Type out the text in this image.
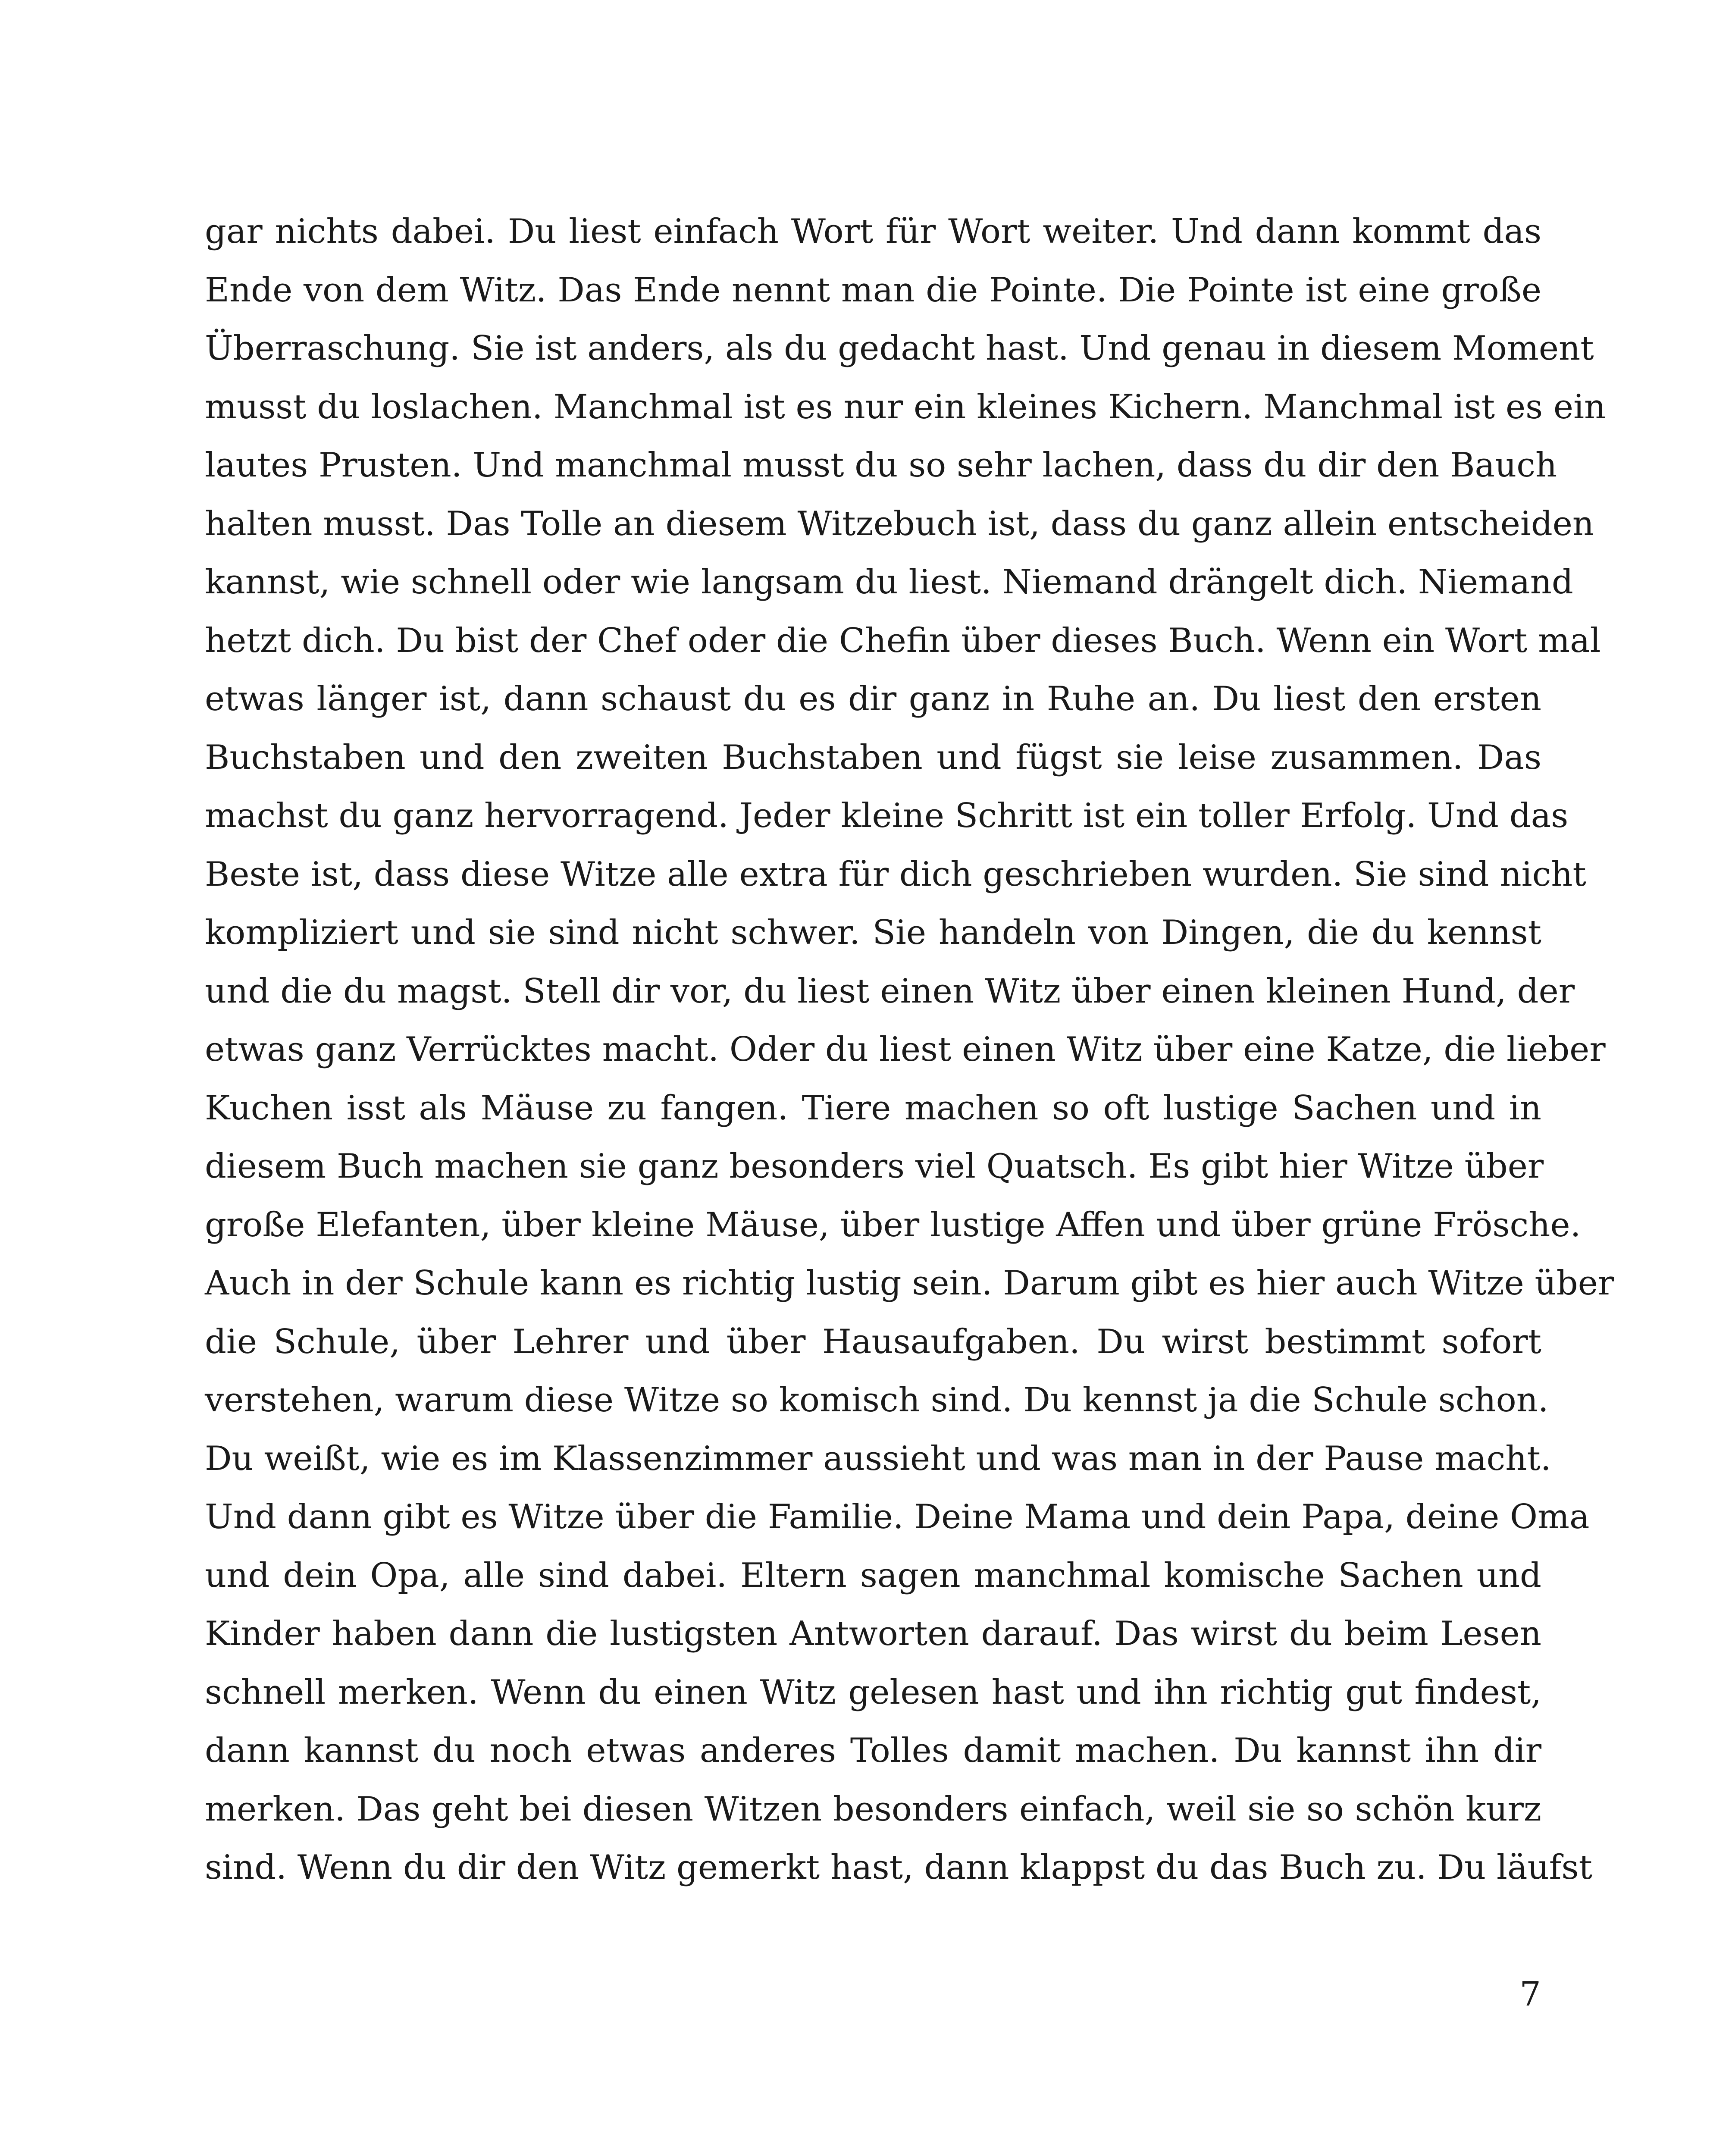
gar nichts dabei. Du liest einfach Wort für Wort weiter. Und dann kommt das
Ende von dem Witz. Das Ende nennt man die Pointe. Die Pointe ist eine große
Überraschung. Sie ist anders, als du gedacht hast. Und genau in diesem Moment
musst du loslachen. Manchmal ist es nur ein kleines Kichern. Manchmal ist es ein
lautes Prusten. Und manchmal musst du so sehr lachen, dass du dir den Bauch
halten musst. Das Tolle an diesem Witzebuch ist, dass du ganz allein entscheiden
kannst, wie schnell oder wie langsam du liest. Niemand drängelt dich. Niemand
hetzt dich. Du bist der Chef oder die Chefin über dieses Buch. Wenn ein Wort mal
etwas länger ist, dann schaust du es dir ganz in Ruhe an. Du liest den ersten
Buchstaben und den zweiten Buchstaben und fügst sie leise zusammen. Das
machst du ganz hervorragend. Jeder kleine Schritt ist ein toller Erfolg. Und das
Beste ist, dass diese Witze alle extra für dich geschrieben wurden. Sie sind nicht
kompliziert und sie sind nicht schwer. Sie handeln von Dingen, die du kennst
und die du magst. Stell dir vor, du liest einen Witz über einen kleinen Hund, der
etwas ganz Verrücktes macht. Oder du liest einen Witz über eine Katze, die lieber
Kuchen isst als Mäuse zu fangen. Tiere machen so oft lustige Sachen und in
diesem Buch machen sie ganz besonders viel Quatsch. Es gibt hier Witze über
große Elefanten, über kleine Mäuse, über lustige Affen und über grüne Frösche.
Auch in der Schule kann es richtig lustig sein. Darum gibt es hier auch Witze über
die Schule, über Lehrer und über Hausaufgaben. Du wirst bestimmt sofort
verstehen, warum diese Witze so komisch sind. Du kennst ja die Schule schon.
Du weißt, wie es im Klassenzimmer aussieht und was man in der Pause macht.
Und dann gibt es Witze über die Familie. Deine Mama und dein Papa, deine Oma
und dein Opa, alle sind dabei. Eltern sagen manchmal komische Sachen und
Kinder haben dann die lustigsten Antworten darauf. Das wirst du beim Lesen
schnell merken. Wenn du einen Witz gelesen hast und ihn richtig gut findest,
dann kannst du noch etwas anderes Tolles damit machen. Du kannst ihn dir
merken. Das geht bei diesen Witzen besonders einfach, weil sie so schön kurz
sind. Wenn du dir den Witz gemerkt hast, dann klappst du das Buch zu. Du läufst
7
